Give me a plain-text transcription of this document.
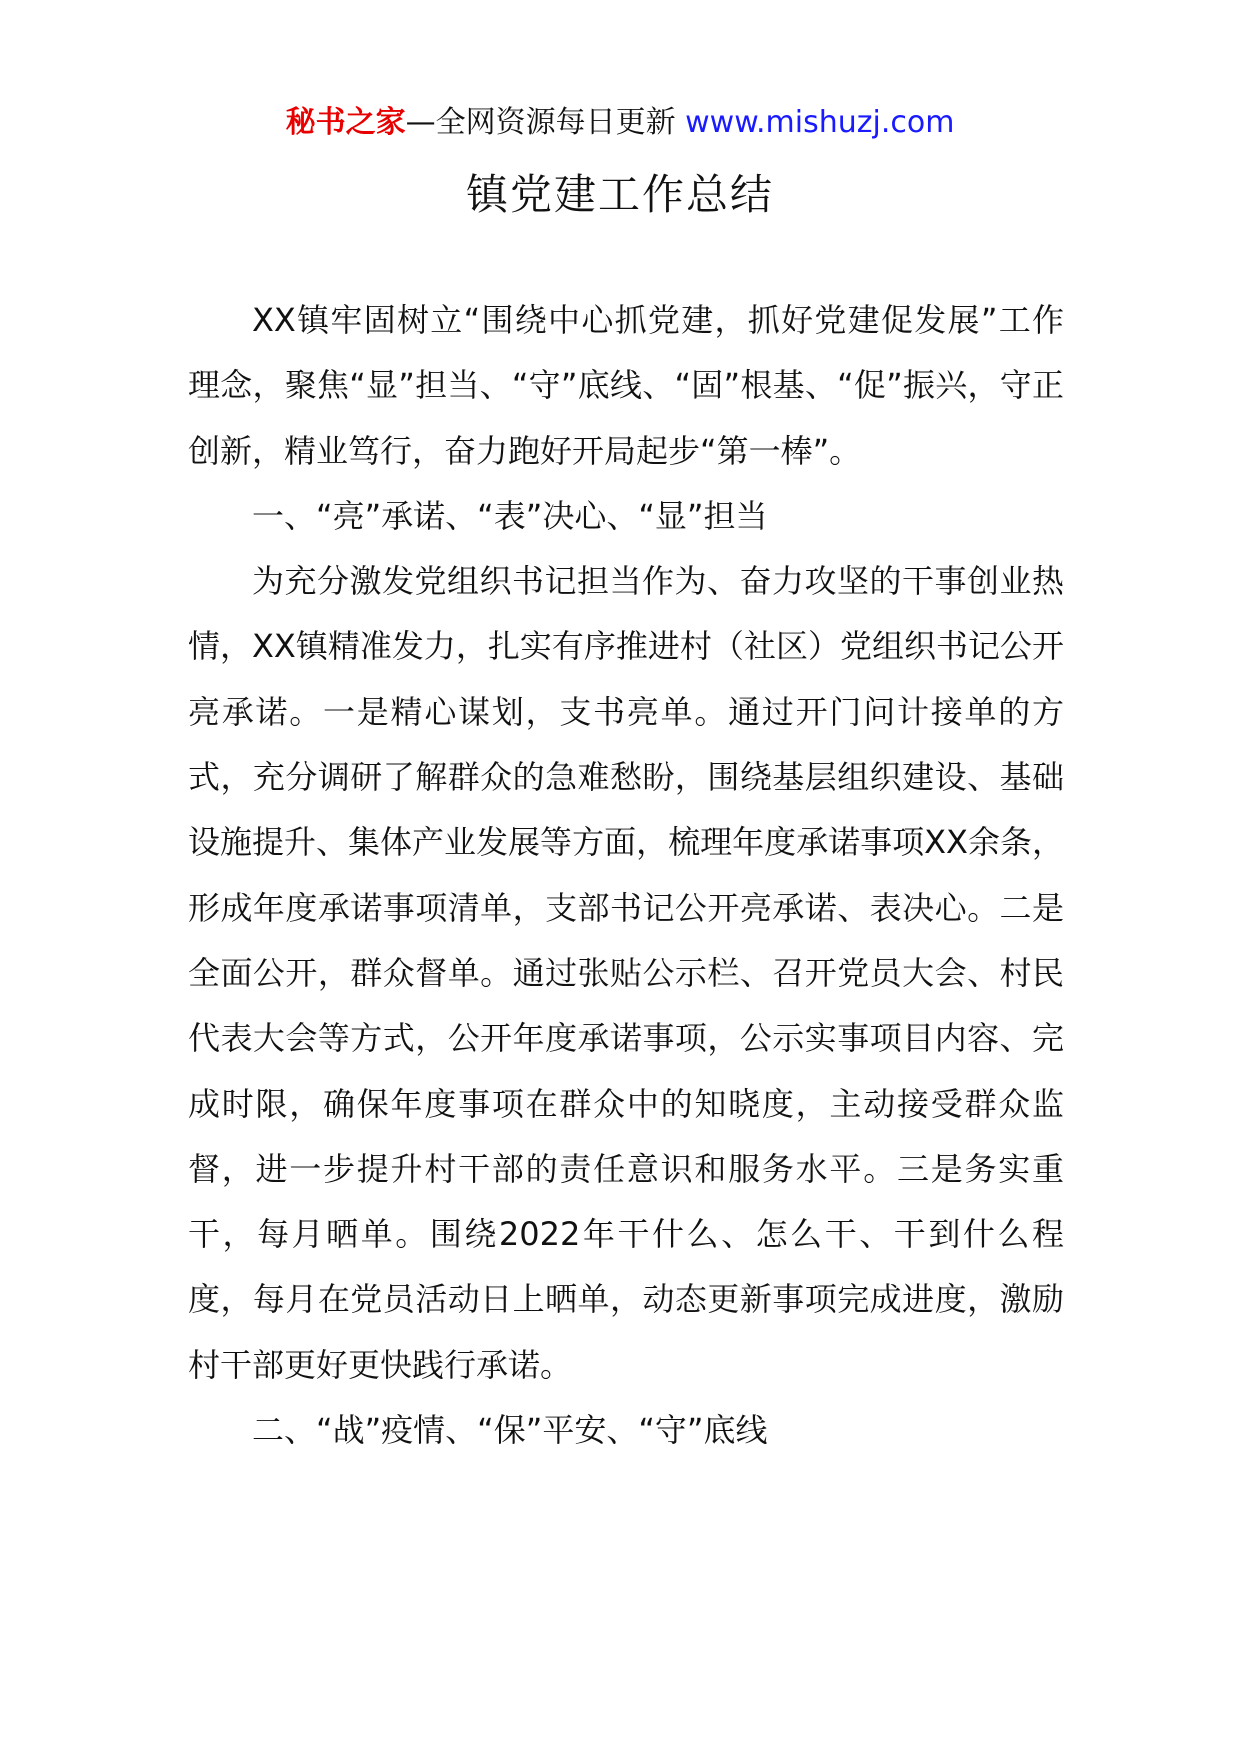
秘书之家—全网资源每日更新 www.mishuzj.com
镇党建工作总结

XX镇牢固树立“围绕中心抓党建，抓好党建促发展”工作理念，聚焦“显”担当、“守”底线、“固”根基、“促”振兴，守正创新，精业笃行，奋力跑好开局起步“第一棒”。

一、“亮”承诺、“表”决心、“显”担当

为充分激发党组织书记担当作为、奋力攻坚的干事创业热情，XX镇精准发力，扎实有序推进村（社区）党组织书记公开亮承诺。一是精心谋划，支书亮单。通过开门问计接单的方式，充分调研了解群众的急难愁盼，围绕基层组织建设、基础设施提升、集体产业发展等方面，梳理年度承诺事项XX余条，形成年度承诺事项清单，支部书记公开亮承诺、表决心。二是全面公开，群众督单。通过张贴公示栏、召开党员大会、村民代表大会等方式，公开年度承诺事项，公示实事项目内容、完成时限，确保年度事项在群众中的知晓度，主动接受群众监督，进一步提升村干部的责任意识和服务水平。三是务实重干，每月晒单。围绕2022年干什么、怎么干、干到什么程度，每月在党员活动日上晒单，动态更新事项完成进度，激励村干部更好更快践行承诺。

二、“战”疫情、“保”平安、“守”底线
